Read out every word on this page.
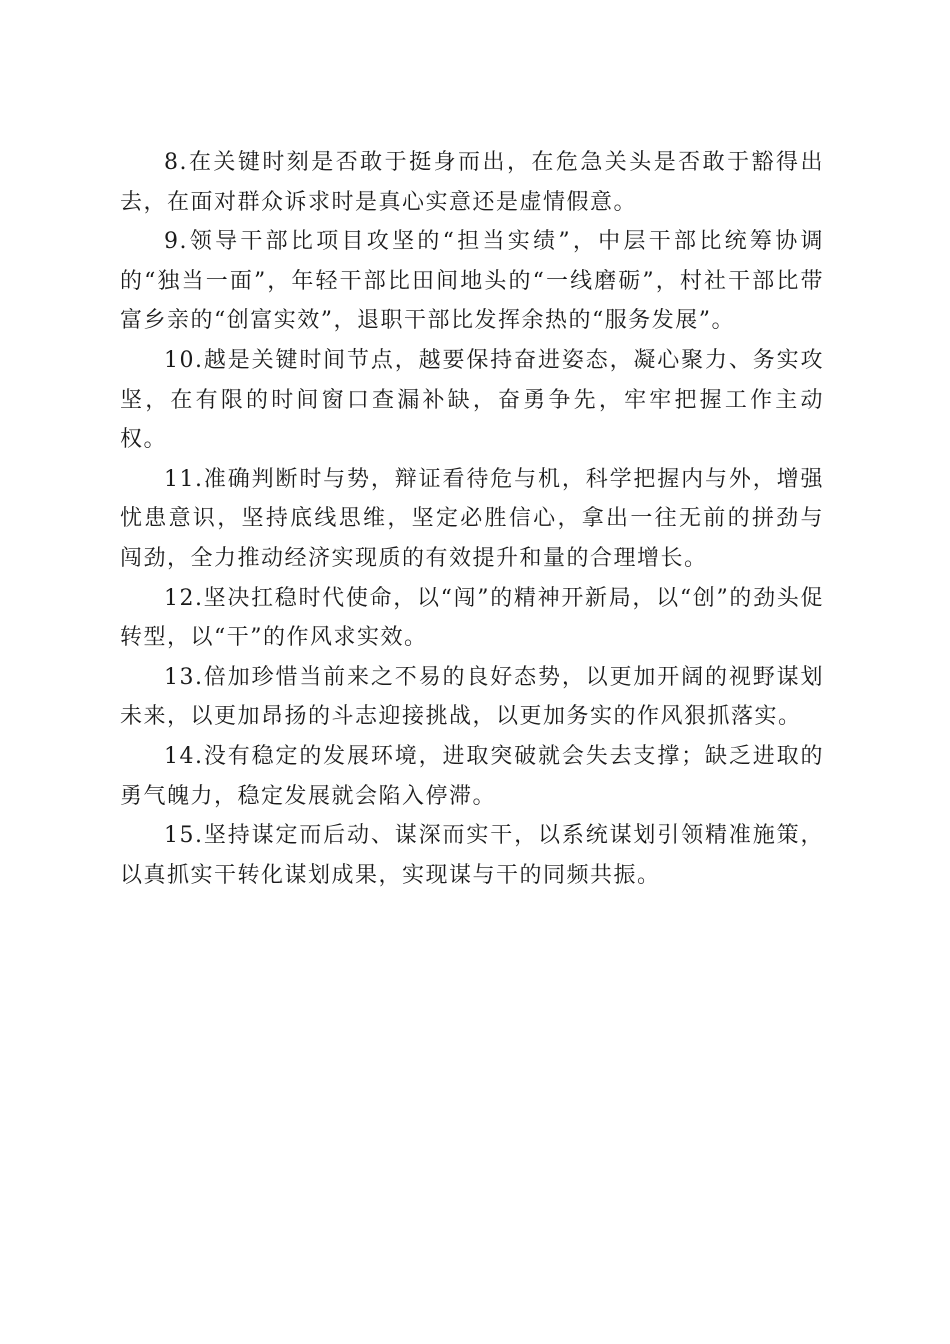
8.在关键时刻是否敢于挺身而出，在危急关头是否敢于豁得出去，在面对群众诉求时是真心实意还是虚情假意。

9.领导干部比项目攻坚的“担当实绩”，中层干部比统筹协调的“独当一面”，年轻干部比田间地头的“一线磨砺”，村社干部比带富乡亲的“创富实效”，退职干部比发挥余热的“服务发展”。

10.越是关键时间节点，越要保持奋进姿态，凝心聚力、务实攻坚，在有限的时间窗口查漏补缺，奋勇争先，牢牢把握工作主动权。

11.准确判断时与势，辩证看待危与机，科学把握内与外，增强忧患意识，坚持底线思维，坚定必胜信心，拿出一往无前的拼劲与闯劲，全力推动经济实现质的有效提升和量的合理增长。

12.坚决扛稳时代使命，以“闯”的精神开新局，以“创”的劲头促转型，以“干”的作风求实效。

13.倍加珍惜当前来之不易的良好态势，以更加开阔的视野谋划未来，以更加昂扬的斗志迎接挑战，以更加务实的作风狠抓落实。

14.没有稳定的发展环境，进取突破就会失去支撑；缺乏进取的勇气魄力，稳定发展就会陷入停滞。

15.坚持谋定而后动、谋深而实干，以系统谋划引领精准施策，以真抓实干转化谋划成果，实现谋与干的同频共振。
